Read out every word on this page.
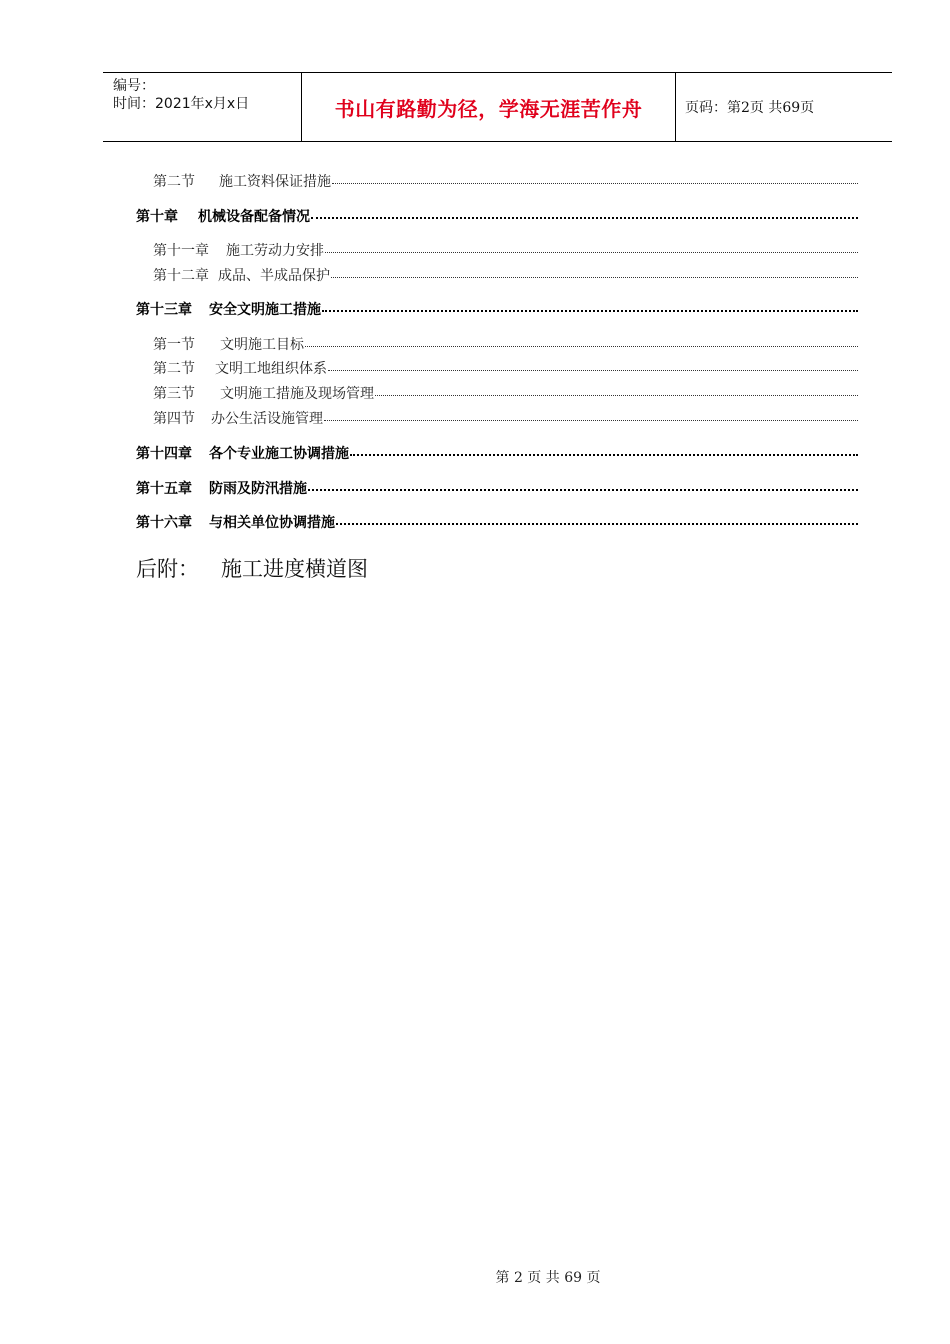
编号：
时间：2021年x月x日	书山有路勤为径，学海无涯苦作舟	页码：第2页 共69页
第二节 施工资料保证措施
第十章 机械设备配备情况
第十一章 施工劳动力安排
第十二章 成品、半成品保护
第十三章 安全文明施工措施
第一节 文明施工目标
第二节 文明工地组织体系
第三节 文明施工措施及现场管理
第四节 办公生活设施管理
第十四章 各个专业施工协调措施
第十五章 防雨及防汛措施
第十六章 与相关单位协调措施
后附： 施工进度横道图
第 2 页 共 69 页
